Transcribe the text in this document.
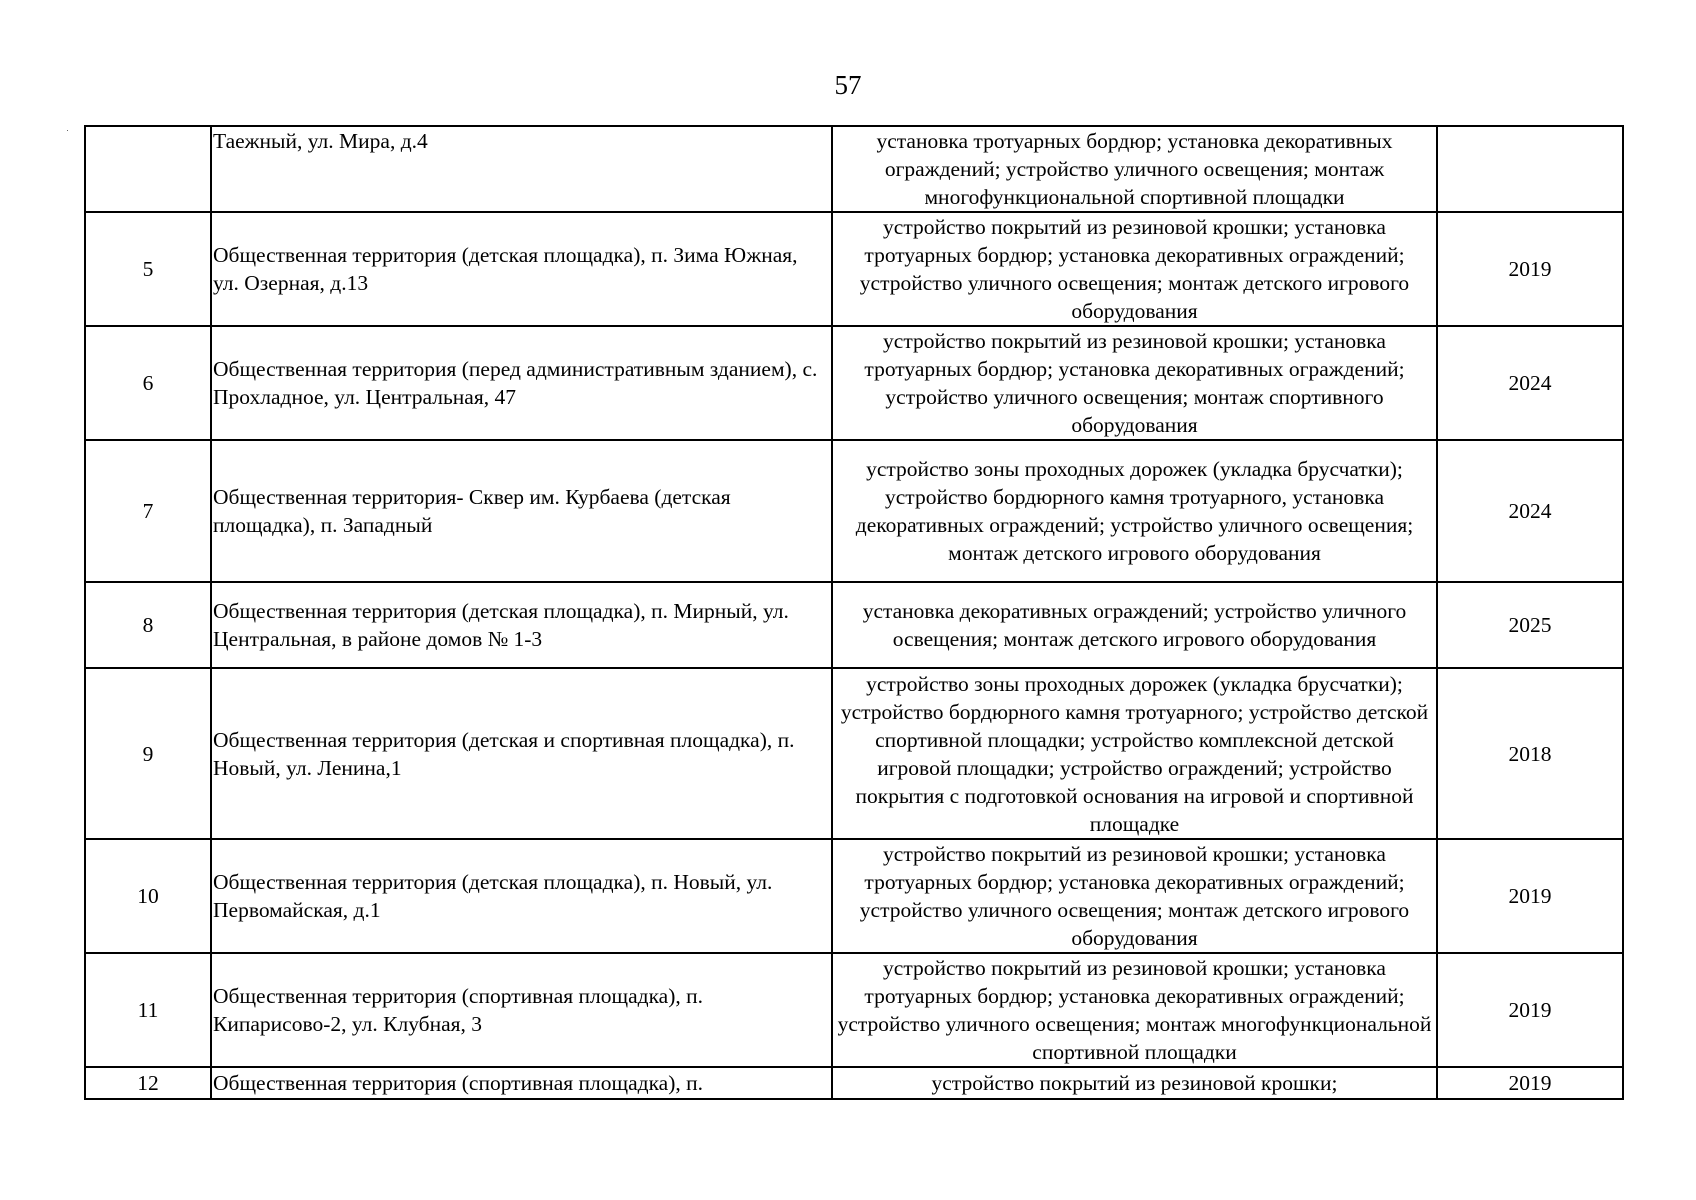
57
	Таежный, ул. Мира, д.4	установка тротуарных бордюр; установка декоративных ограждений; устройство уличного освещения; монтаж многофункциональной спортивной площадки	
5	Общественная территория (детская площадка), п. Зима Южная, ул. Озерная, д.13	устройство покрытий из резиновой крошки; установка тротуарных бордюр; установка декоративных ограждений; устройство уличного освещения; монтаж детского игрового оборудования	2019
6	Общественная территория (перед административным зданием), с. Прохладное, ул. Центральная, 47	устройство покрытий из резиновой крошки; установка тротуарных бордюр; установка декоративных ограждений; устройство уличного освещения; монтаж спортивного оборудования	2024
7	Общественная территория- Сквер им. Курбаева (детская площадка), п. Западный	устройство зоны проходных дорожек (укладка брусчатки); устройство бордюрного камня тротуарного, установка декоративных ограждений; устройство уличного освещения; монтаж детского игрового оборудования	2024
8	Общественная территория (детская площадка), п. Мирный, ул. Центральная, в районе домов № 1-3	установка декоративных ограждений; устройство уличного освещения; монтаж детского игрового оборудования	2025
9	Общественная территория (детская и спортивная площадка), п. Новый, ул. Ленина,1	устройство зоны проходных дорожек (укладка брусчатки); устройство бордюрного камня тротуарного; устройство детской спортивной площадки; устройство комплексной детской игровой площадки; устройство ограждений; устройство покрытия с подготовкой основания на игровой и спортивной площадке	2018
10	Общественная территория (детская площадка), п. Новый, ул. Первомайская, д.1	устройство покрытий из резиновой крошки; установка тротуарных бордюр; установка декоративных ограждений; устройство уличного освещения; монтаж детского игрового оборудования	2019
11	Общественная территория (спортивная площадка), п. Кипарисово-2, ул. Клубная, 3	устройство покрытий из резиновой крошки; установка тротуарных бордюр; установка декоративных ограждений; устройство уличного освещения; монтаж многофункциональной спортивной площадки	2019
12	Общественная территория (спортивная площадка), п.	устройство покрытий из резиновой крошки;	2019
